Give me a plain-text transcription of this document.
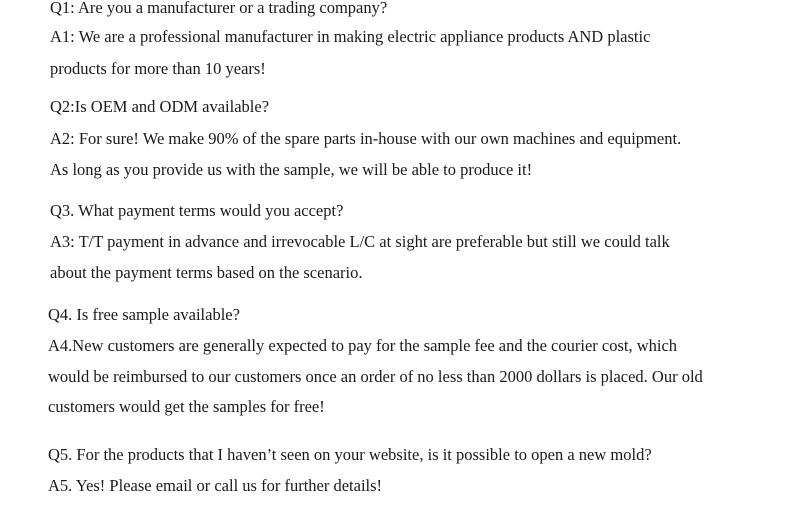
Q1: Are you a manufacturer or a trading company?
A1: We are a professional manufacturer in making electric appliance products AND plastic
products for more than 10 years!
Q2:Is OEM and ODM available?
A2: For sure! We make 90% of the spare parts in-house with our own machines and equipment.
As long as you provide us with the sample, we will be able to produce it!
Q3. What payment terms would you accept?
A3: T/T payment in advance and irrevocable L/C at sight are preferable but still we could talk
about the payment terms based on the scenario.
Q4. Is free sample available?
A4.New customers are generally expected to pay for the sample fee and the courier cost, which
would be reimbursed to our customers once an order of no less than 2000 dollars is placed. Our old
customers would get the samples for free!
Q5. For the products that I haven’t seen on your website, is it possible to open a new mold?
A5. Yes! Please email or call us for further details!
